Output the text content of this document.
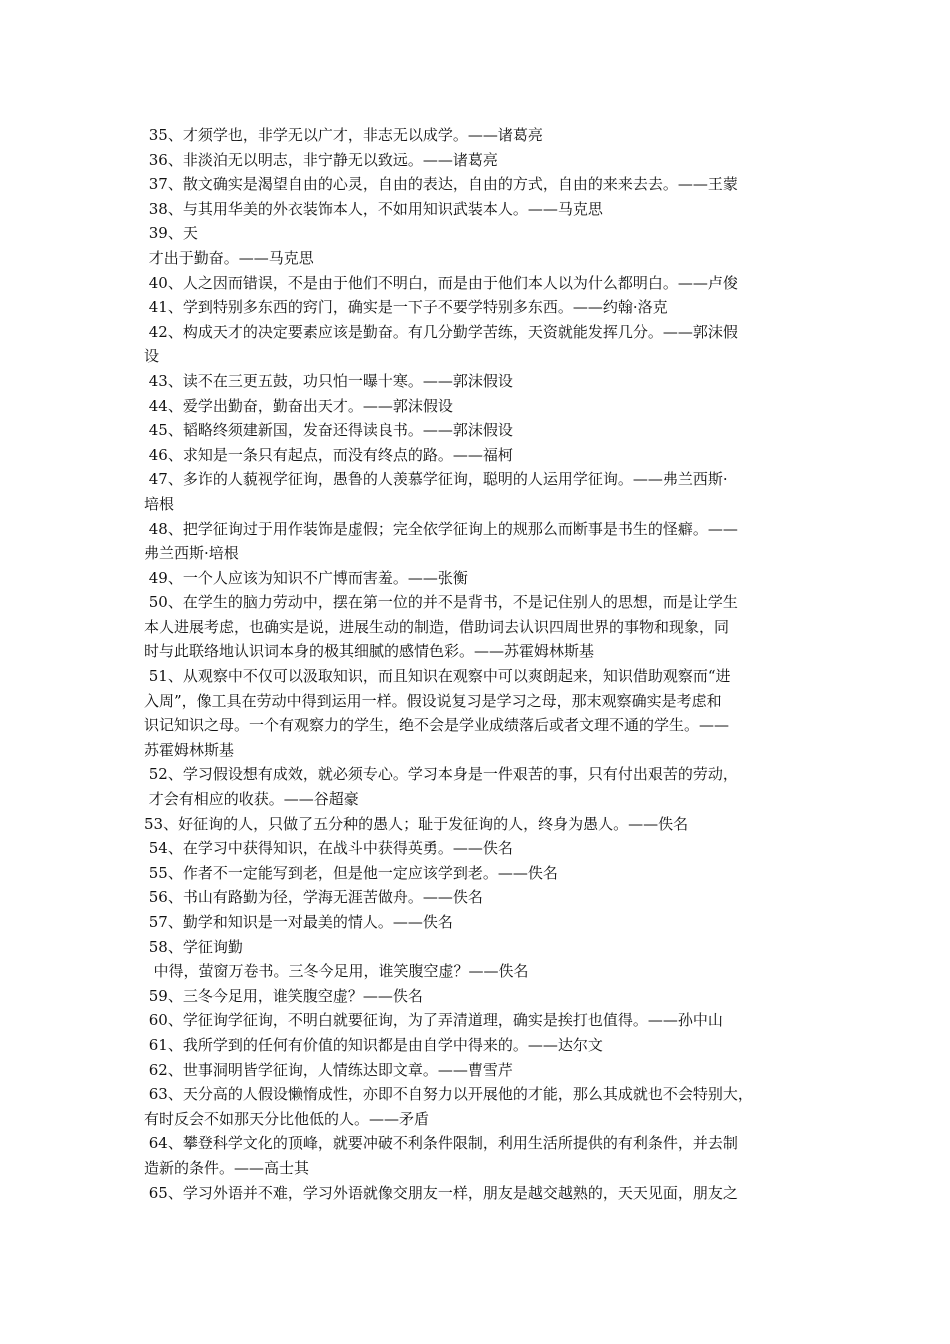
35、才须学也，非学无以广才，非志无以成学。——诸葛亮
36、非淡泊无以明志，非宁静无以致远。——诸葛亮
37、散文确实是渴望自由的心灵，自由的表达，自由的方式，自由的来来去去。——王蒙
38、与其用华美的外衣装饰本人，不如用知识武装本人。——马克思
39、天
才出于勤奋。——马克思
40、人之因而错误，不是由于他们不明白，而是由于他们本人以为什么都明白。——卢俊
41、学到特别多东西的窍门，确实是一下子不要学特别多东西。——约翰·洛克
42、构成天才的决定要素应该是勤奋。有几分勤学苦练，天资就能发挥几分。——郭沫假
设
43、读不在三更五鼓，功只怕一曝十寒。——郭沫假设
44、爱学出勤奋，勤奋出天才。——郭沫假设
45、韬略终须建新国，发奋还得读良书。——郭沫假设
46、求知是一条只有起点，而没有终点的路。——福柯
47、多诈的人藐视学征询，愚鲁的人羡慕学征询，聪明的人运用学征询。——弗兰西斯·
培根
48、把学征询过于用作装饰是虚假；完全依学征询上的规那么而断事是书生的怪癖。——
弗兰西斯·培根
49、一个人应该为知识不广博而害羞。——张衡
50、在学生的脑力劳动中，摆在第一位的并不是背书，不是记住别人的思想，而是让学生
本人进展考虑，也确实是说，进展生动的制造，借助词去认识四周世界的事物和现象，同
时与此联络地认识词本身的极其细腻的感情色彩。——苏霍姆林斯基
51、从观察中不仅可以汲取知识，而且知识在观察中可以爽朗起来，知识借助观察而“进
入周”，像工具在劳动中得到运用一样。假设说复习是学习之母，那末观察确实是考虑和
识记知识之母。一个有观察力的学生，绝不会是学业成绩落后或者文理不通的学生。——
苏霍姆林斯基
52、学习假设想有成效，就必须专心。学习本身是一件艰苦的事，只有付出艰苦的劳动，
才会有相应的收获。——谷超豪
53、好征询的人，只做了五分种的愚人；耻于发征询的人，终身为愚人。——佚名
54、在学习中获得知识，在战斗中获得英勇。——佚名
55、作者不一定能写到老，但是他一定应该学到老。——佚名
56、书山有路勤为径，学海无涯苦做舟。——佚名
57、勤学和知识是一对最美的情人。——佚名
58、学征询勤
中得，萤窗万卷书。三冬今足用，谁笑腹空虚？——佚名
59、三冬今足用，谁笑腹空虚？——佚名
60、学征询学征询，不明白就要征询，为了弄清道理，确实是挨打也值得。——孙中山
61、我所学到的任何有价值的知识都是由自学中得来的。——达尔文
62、世事洞明皆学征询，人情练达即文章。——曹雪芹
63、天分高的人假设懒惰成性，亦即不自努力以开展他的才能，那么其成就也不会特别大，
有时反会不如那天分比他低的人。——矛盾
64、攀登科学文化的顶峰，就要冲破不利条件限制，利用生活所提供的有利条件，并去制
造新的条件。——高士其
65、学习外语并不难，学习外语就像交朋友一样，朋友是越交越熟的，天天见面，朋友之
